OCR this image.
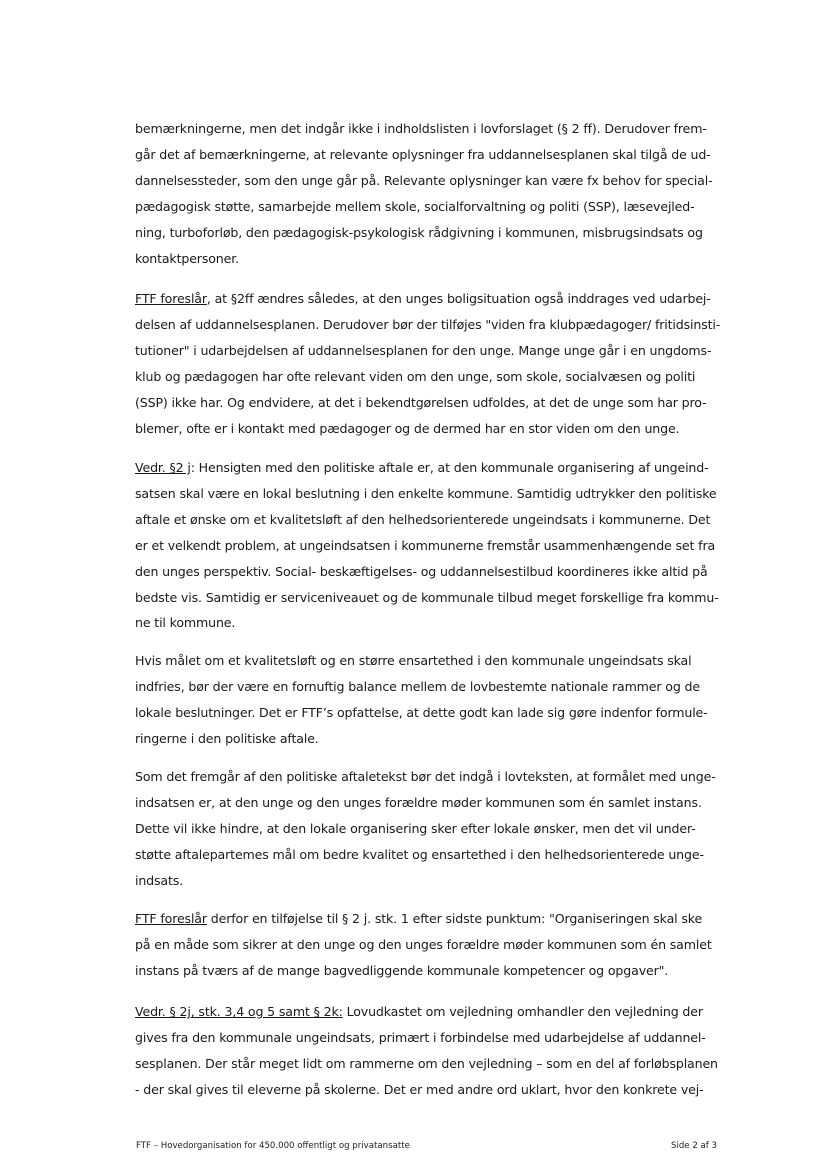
bemærkningerne, men det indgår ikke i indholdslisten i lovforslaget (§ 2 ff). Derudover frem-
går det af bemærkningerne, at relevante oplysninger fra uddannelsesplanen skal tilgå de ud-
dannelsessteder, som den unge går på. Relevante oplysninger kan være fx behov for special-
pædagogisk støtte, samarbejde mellem skole, socialforvaltning og politi (SSP), læsevejled-
ning, turboforløb, den pædagogisk-psykologisk rådgivning i kommunen, misbrugsindsats og
kontaktpersoner.
FTF foreslår, at §2ff ændres således, at den unges boligsituation også inddrages ved udarbej-
delsen af uddannelsesplanen. Derudover bør der tilføjes "viden fra klubpædagoger/ fritidsinsti-
tutioner" i udarbejdelsen af uddannelsesplanen for den unge. Mange unge går i en ungdoms-
klub og pædagogen har ofte relevant viden om den unge, som skole, socialvæsen og politi
(SSP) ikke har. Og endvidere, at det i bekendtgørelsen udfoldes, at det de unge som har pro-
blemer, ofte er i kontakt med pædagoger og de dermed har en stor viden om den unge.
Vedr. §2 j: Hensigten med den politiske aftale er, at den kommunale organisering af ungeind-
satsen skal være en lokal beslutning i den enkelte kommune. Samtidig udtrykker den politiske
aftale et ønske om et kvalitetsløft af den helhedsorienterede ungeindsats i kommunerne. Det
er et velkendt problem, at ungeindsatsen i kommunerne fremstår usammenhængende set fra
den unges perspektiv. Social- beskæftigelses- og uddannelsestilbud koordineres ikke altid på
bedste vis. Samtidig er serviceniveauet og de kommunale tilbud meget forskellige fra kommu-
ne til kommune.
Hvis målet om et kvalitetsløft og en større ensartethed i den kommunale ungeindsats skal
indfries, bør der være en fornuftig balance mellem de lovbestemte nationale rammer og de
lokale beslutninger. Det er FTF’s opfattelse, at dette godt kan lade sig gøre indenfor formule-
ringerne i den politiske aftale.
Som det fremgår af den politiske aftaletekst bør det indgå i lovteksten, at formålet med unge-
indsatsen er, at den unge og den unges forældre møder kommunen som én samlet instans.
Dette vil ikke hindre, at den lokale organisering sker efter lokale ønsker, men det vil under-
støtte aftalepartemes mål om bedre kvalitet og ensartethed i den helhedsorienterede unge-
indsats.
FTF foreslår derfor en tilføjelse til § 2 j. stk. 1 efter sidste punktum: "Organiseringen skal ske
på en måde som sikrer at den unge og den unges forældre møder kommunen som én samlet
instans på tværs af de mange bagvedliggende kommunale kompetencer og opgaver".
Vedr. § 2j, stk. 3,4 og 5 samt § 2k: Lovudkastet om vejledning omhandler den vejledning der
gives fra den kommunale ungeindsats, primært i forbindelse med udarbejdelse af uddannel-
sesplanen. Der står meget lidt om rammerne om den vejledning – som en del af forløbsplanen
- der skal gives til eleverne på skolerne. Det er med andre ord uklart, hvor den konkrete vej-
FTF – Hovedorganisation for 450.000 offentligt og privatansatte	Side 2 af 3
